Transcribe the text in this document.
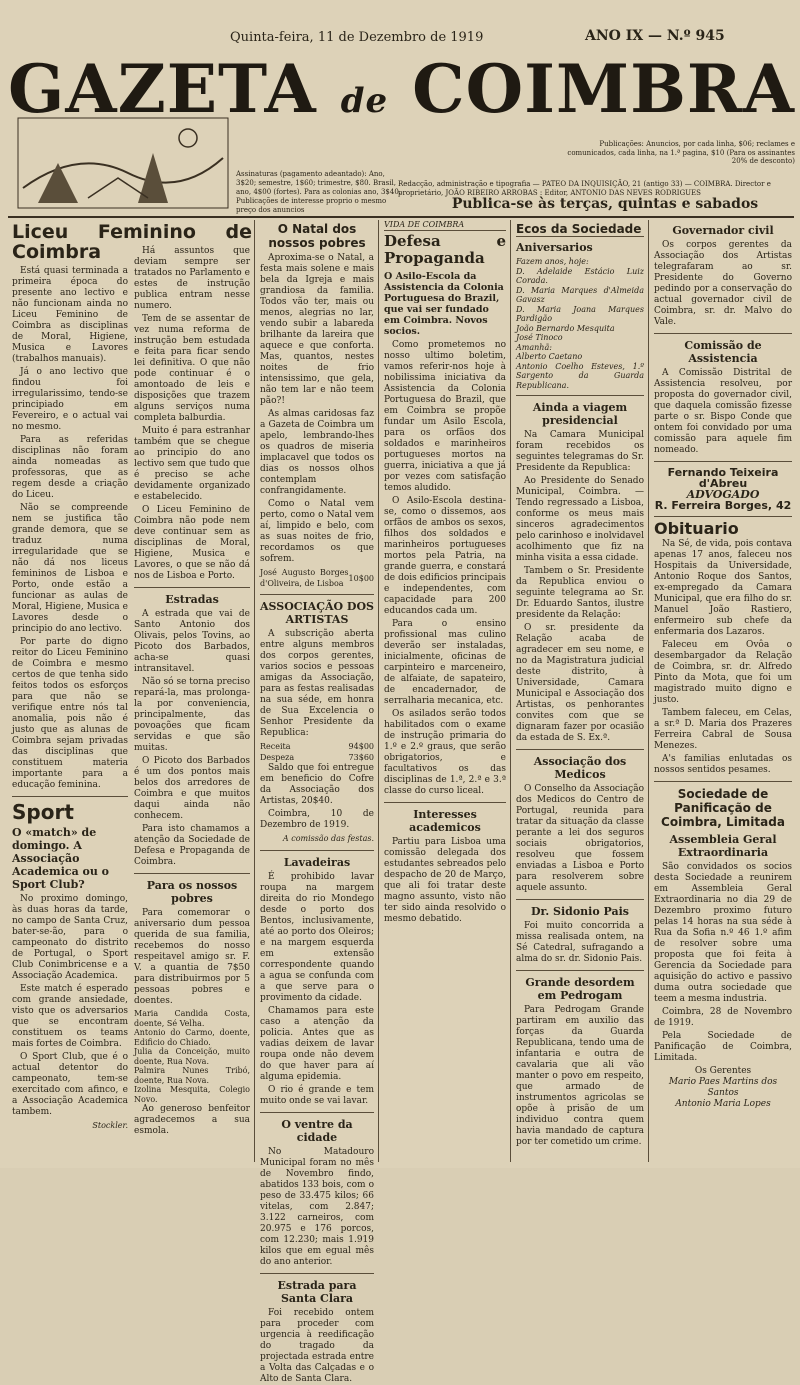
Quinta-feira, 11 de Dezembro de 1919	ANO IX — N.º 945
GAZETA de COIMBRA
Assinaturas (pagamento adeantado): Ano, 3$20; semestre, 1$60; trimestre, $80. Brasil, ano, 4$00 (fortes). Para as colonias ano, 3$40. Publicações de interesse proprio o mesmo preço dos anuncios
Publicações: Anuncios, por cada linha, $06; reclames e comunicados, cada linha, na 1.ª pagina, $10 (Para os assinantes 20% de desconto)
Redacção, administração e tipografia — PATEO DA INQUISIÇÃO, 21 (antigo 33) — COIMBRA. Director e proprietário, JOÃO RIBEIRO ARROBAS : Editor, ANTONIO DAS NEVES RODRIGUES
Publica-se às terças, quintas e sabados
Liceu Feminino de Coimbra

Está quasi terminada a primeira época do presente ano lectivo e não funcionam ainda no Liceu Feminino de Coimbra as disciplinas de Moral, Higiene, Musica e Lavores (trabalhos manuais).

Já o ano lectivo que findou foi irregularissimo, tendo-se principiado em Fevereiro, e o actual vai no mesmo.

Para as referidas disciplinas não foram ainda nomeadas as professoras, que as regem desde a criação do Liceu.

Não se compreende nem se justifica tão grande demora, que se traduz numa irregularidade que se não dá nos liceus femininos de Lisboa e Porto, onde estão a funcionar as aulas de Moral, Higiene, Musica e Lavores desde o principio do ano lectivo.

Por parte do digno reitor do Liceu Feminino de Coimbra e mesmo certos de que tenha sido feitos todos os esforços para que não se verifique entre nós tal anomalia, pois não é justo que as alunas de Coimbra sejam privadas das disciplinas que constituem materia importante para a educação feminina.

Sport
O «match» de domingo. A Associação Academica ou o Sport Club?

No proximo domingo, às duas horas da tarde, no campo de Santa Cruz, bater-se-ão, para o campeonato do distrito de Portugal, o Sport Club Conimbricense e a Associação Academica.

Este match é esperado com grande ansiedade, visto que os adversarios que se encontram constituem os teams mais fortes de Coimbra.

O Sport Club, que é o actual detentor do campeonato, tem-se exercitado com afinco, e a Associação Academica tambem.

Stockler.

Há assuntos que deviam sempre ser tratados no Parlamento e estes de instrução publica entram nesse numero.

Tem de se assentar de vez numa reforma de instrução bem estudada e feita para ficar sendo lei definitiva. O que não pode continuar é o amontoado de leis e disposições que trazem alguns serviços numa completa balburdia.

Muito é para estranhar também que se chegue ao principio do ano lectivo sem que tudo que é preciso se ache devidamente organizado e estabelecido.

O Liceu Feminino de Coimbra não pode nem deve continuar sem as disciplinas de Moral, Higiene, Musica e Lavores, o que se não dá nos de Lisboa e Porto.

Estradas

A estrada que vai de Santo Antonio dos Olivais, pelos Tovins, ao Picoto dos Barbados, acha-se quasi intransitavel.

Não só se torna preciso repará-la, mas prolonga-la por conveniencia, principalmente, das povoações que ficam servidas e que são muitas.

O Picoto dos Barbados é um dos pontos mais belos dos arredores de Coimbra e que muitos daqui ainda não conhecem.

Para isto chamamos a atenção da Sociedade de Defesa e Propaganda de Coimbra.

Para os nossos pobres

Para comemorar o aniversario dum pessoa querida de sua familia, recebemos do nosso respeitavel amigo sr. F. V. a quantia de 7$50 para distribuirmos por 5 pessoas pobres e doentes.

Maria Candida Costa, doente, Sé Velha.
Antonio do Carmo, doente, Edificio do Chiado.
Julia da Conceição, muito doente, Rua Nova.
Palmira Nunes Tribó, doente, Rua Nova.
Izolina Mesquita, Colegio Novo.

Ao generoso benfeitor agradecemos a sua esmola.

O Natal dos nossos pobres

Aproxima-se o Natal, a festa mais solene e mais bela da Igreja e mais grandiosa da familia. Todos vão ter, mais ou menos, alegrias no lar, vendo subir a labareda brilhante da lareira que aquece e que conforta. Mas, quantos, nestes noites de frio intensissimo, que gela, não tem lar e não teem pão?!

As almas caridosas faz a Gazeta de Coimbra um apelo, lembrando-lhes os quadros de miseria implacavel que todos os dias os nossos olhos contemplam confrangidamente.

Como o Natal vem perto, como o Natal vem aí, limpido e belo, com as suas noites de frio, recordamos os que sofrem.

José Augusto Borges d'Oliveira, de Lisboa	10$00
ASSOCIAÇÃO DOS ARTISTAS

A subscrição aberta entre alguns membros dos corpos gerentes, varios socios e pessoas amigas da Associação, para as festas realisadas na sua séde, em honra de Sua Excelencia o Senhor Presidente da Republica:

Receita	94$00
Despeza	73$60

Saldo que foi entregue em beneficio do Cofre da Associação dos Artistas, 20$40.

Coimbra, 10 de Dezembro de 1919.

A comissão das festas.
Lavadeiras

É prohibido lavar roupa na margem direita do rio Mondego desde o porto dos Bentos, inclusivamente, até ao porto dos Oleiros; e na margem esquerda em extensão correspondente quando a agua se confunda com a que serve para o provimento da cidade.

Chamamos para este caso a atenção da policia. Antes que as vadias deixem de lavar roupa onde não devem do que haver para aí alguma epidemia.

O rio é grande e tem muito onde se vai lavar.

O ventre da cidade

No Matadouro Municipal foram no mês de Novembro findo, abatidos 133 bois, com o peso de 33.475 kilos; 66 vitelas, com 2.847; 3.122 carneiros, com 20.975 e 176 porcos, com 12.230; mais 1.919 kilos que em egual mês do ano anterior.

Estrada para Santa Clara

Foi recebido ontem para proceder com urgencia à reedificação do tragado da projectada estrada entre a Volta das Calçadas e o Alto de Santa Clara.

VIDA DE COIMBRA
Defesa e Propaganda
O Asilo-Escola da Assistencia da Colonia Portuguesa do Brazil, que vai ser fundado em Coimbra. Novos socios.

Como prometemos no nosso ultimo boletim, vamos referir-nos hoje à nobilissima iniciativa da Assistencia da Colonia Portuguesa do Brazil, que em Coimbra se propõe fundar um Asilo Escola, para os orfãos dos soldados e marinheiros portugueses mortos na guerra, iniciativa a que já por vezes com satisfação temos aludido.

O Asilo-Escola destina-se, como o dissemos, aos orfãos de ambos os sexos, filhos dos soldados e marinheiros portugueses mortos pela Patria, na grande guerra, e constará de dois edificios principais e independentes, com capacidade para 200 educandos cada um.

Para o ensino profissional mas culino deverão ser instaladas, inicialmente, oficinas de carpinteiro e marceneiro, de alfaiate, de sapateiro, de encadernador, de serralharia mecanica, etc.

Os asilados serão todos habilitados com o exame de instrução primaria do 1.º e 2.º graus, que serão obrigatorios, e facultativos os das disciplinas de 1.ª, 2.ª e 3.ª classe do curso liceal.

Interesses academicos

Partiu para Lisboa uma comissão delegada dos estudantes sebreados pelo despacho de 20 de Março, que ali foi tratar deste magno assunto, visto não ter sido ainda resolvido o mesmo debatido.

Ecos da Sociedade
Aniversarios
Fazem anos, hoje:
D. Adelaide Estácio Luiz Corada.
D. Maria Marques d'Almeida Gavasz
D. Maria Joana Marques Pardigão
João Bernardo Mesquita
José Tinoco
Amanhã:
Alberto Caetano
Antonio Coelho Esteves, 1.º Sargento da Guarda Republicana.
Ainda a viagem presidencial

Na Camara Municipal foram recebidos os seguintes telegramas do Sr. Presidente da Republica:

Ao Presidente do Senado Municipal, Coimbra. — Tendo regressado a Lisboa, conforme os meus mais sinceros agradecimentos pelo carinhoso e inolvidavel acolhimento que fiz na minha visita a essa cidade.

Tambem o Sr. Presidente da Republica enviou o seguinte telegrama ao Sr. Dr. Eduardo Santos, ilustre presidente da Relação:

O sr. presidente da Relação acaba de agradecer em seu nome, e no da Magistratura judicial deste distrito, à Universidade, Camara Municipal e Associação dos Artistas, os penhorantes convites com que se dignaram fazer por ocasião da estada de S. Ex.ª.

Associação dos Medicos

O Conselho da Associação dos Medicos do Centro de Portugal, reunida para tratar da situação da classe perante a lei dos seguros sociais obrigatorios, resolveu que fossem enviadas a Lisboa e Porto para resolverem sobre aquele assunto.

Dr. Sidonio Pais

Foi muito concorrida a missa realisada ontem, na Sé Catedral, sufragando a alma do sr. dr. Sidonio Pais.

Grande desordem em Pedrogam

Para Pedrogam Grande partiram em auxilio das forças da Guarda Republicana, tendo uma de infantaria e outra de cavalaria que ali vão manter o povo em respeito, que armado de instrumentos agricolas se opõe à prisão de um individuo contra quem havia mandado de captura por ter cometido um crime.

Governador civil

Os corpos gerentes da Associação dos Artistas telegrafaram ao sr. Presidente do Governo pedindo por a conservação do actual governador civil de Coimbra, sr. dr. Malvo do Vale.

Comissão de Assistencia

A Comissão Distrital de Assistencia resolveu, por proposta do governador civil, que daquela comissão fizesse parte o sr. Bispo Conde que ontem foi convidado por uma comissão para aquele fim nomeado.

Fernando Teixeira d'Abreu
ADVOGADO
R. Ferreira Borges, 42
Obituario

Na Sé, de vida, pois contava apenas 17 anos, faleceu nos Hospitais da Universidade, Antonio Roque dos Santos, ex-empregado da Camara Municipal, que era filho do sr. Manuel João Rastiero, enfermeiro sub chefe da enfermaria dos Lazaros.

Faleceu em Ovôa o desembargador da Relação de Coimbra, sr. dr. Alfredo Pinto da Mota, que foi um magistrado muito digno e justo.

Tambem faleceu, em Celas, a sr.ª D. Maria dos Prazeres Ferreira Cabral de Sousa Menezes.

A's familias enlutadas os nossos sentidos pesames.

Sociedade de Panificação de Coimbra, Limitada
Assembleia Geral Extraordinaria

São convidados os socios desta Sociedade a reunirem em Assembleia Geral Extraordinaria no dia 29 de Dezembro proximo futuro pelas 14 horas na sua séde à Rua da Sofia n.º 46 1.º afim de resolver sobre uma proposta que foi feita à Gerencia da Sociedade para aquisição do activo e passivo duma outra sociedade que teem a mesma industria.

Coimbra, 28 de Novembro de 1919.

Pela Sociedade de Panificação de Coimbra, Limitada.

Os Gerentes
Mario Paes Martins dos Santos
Antonio Maria Lopes
